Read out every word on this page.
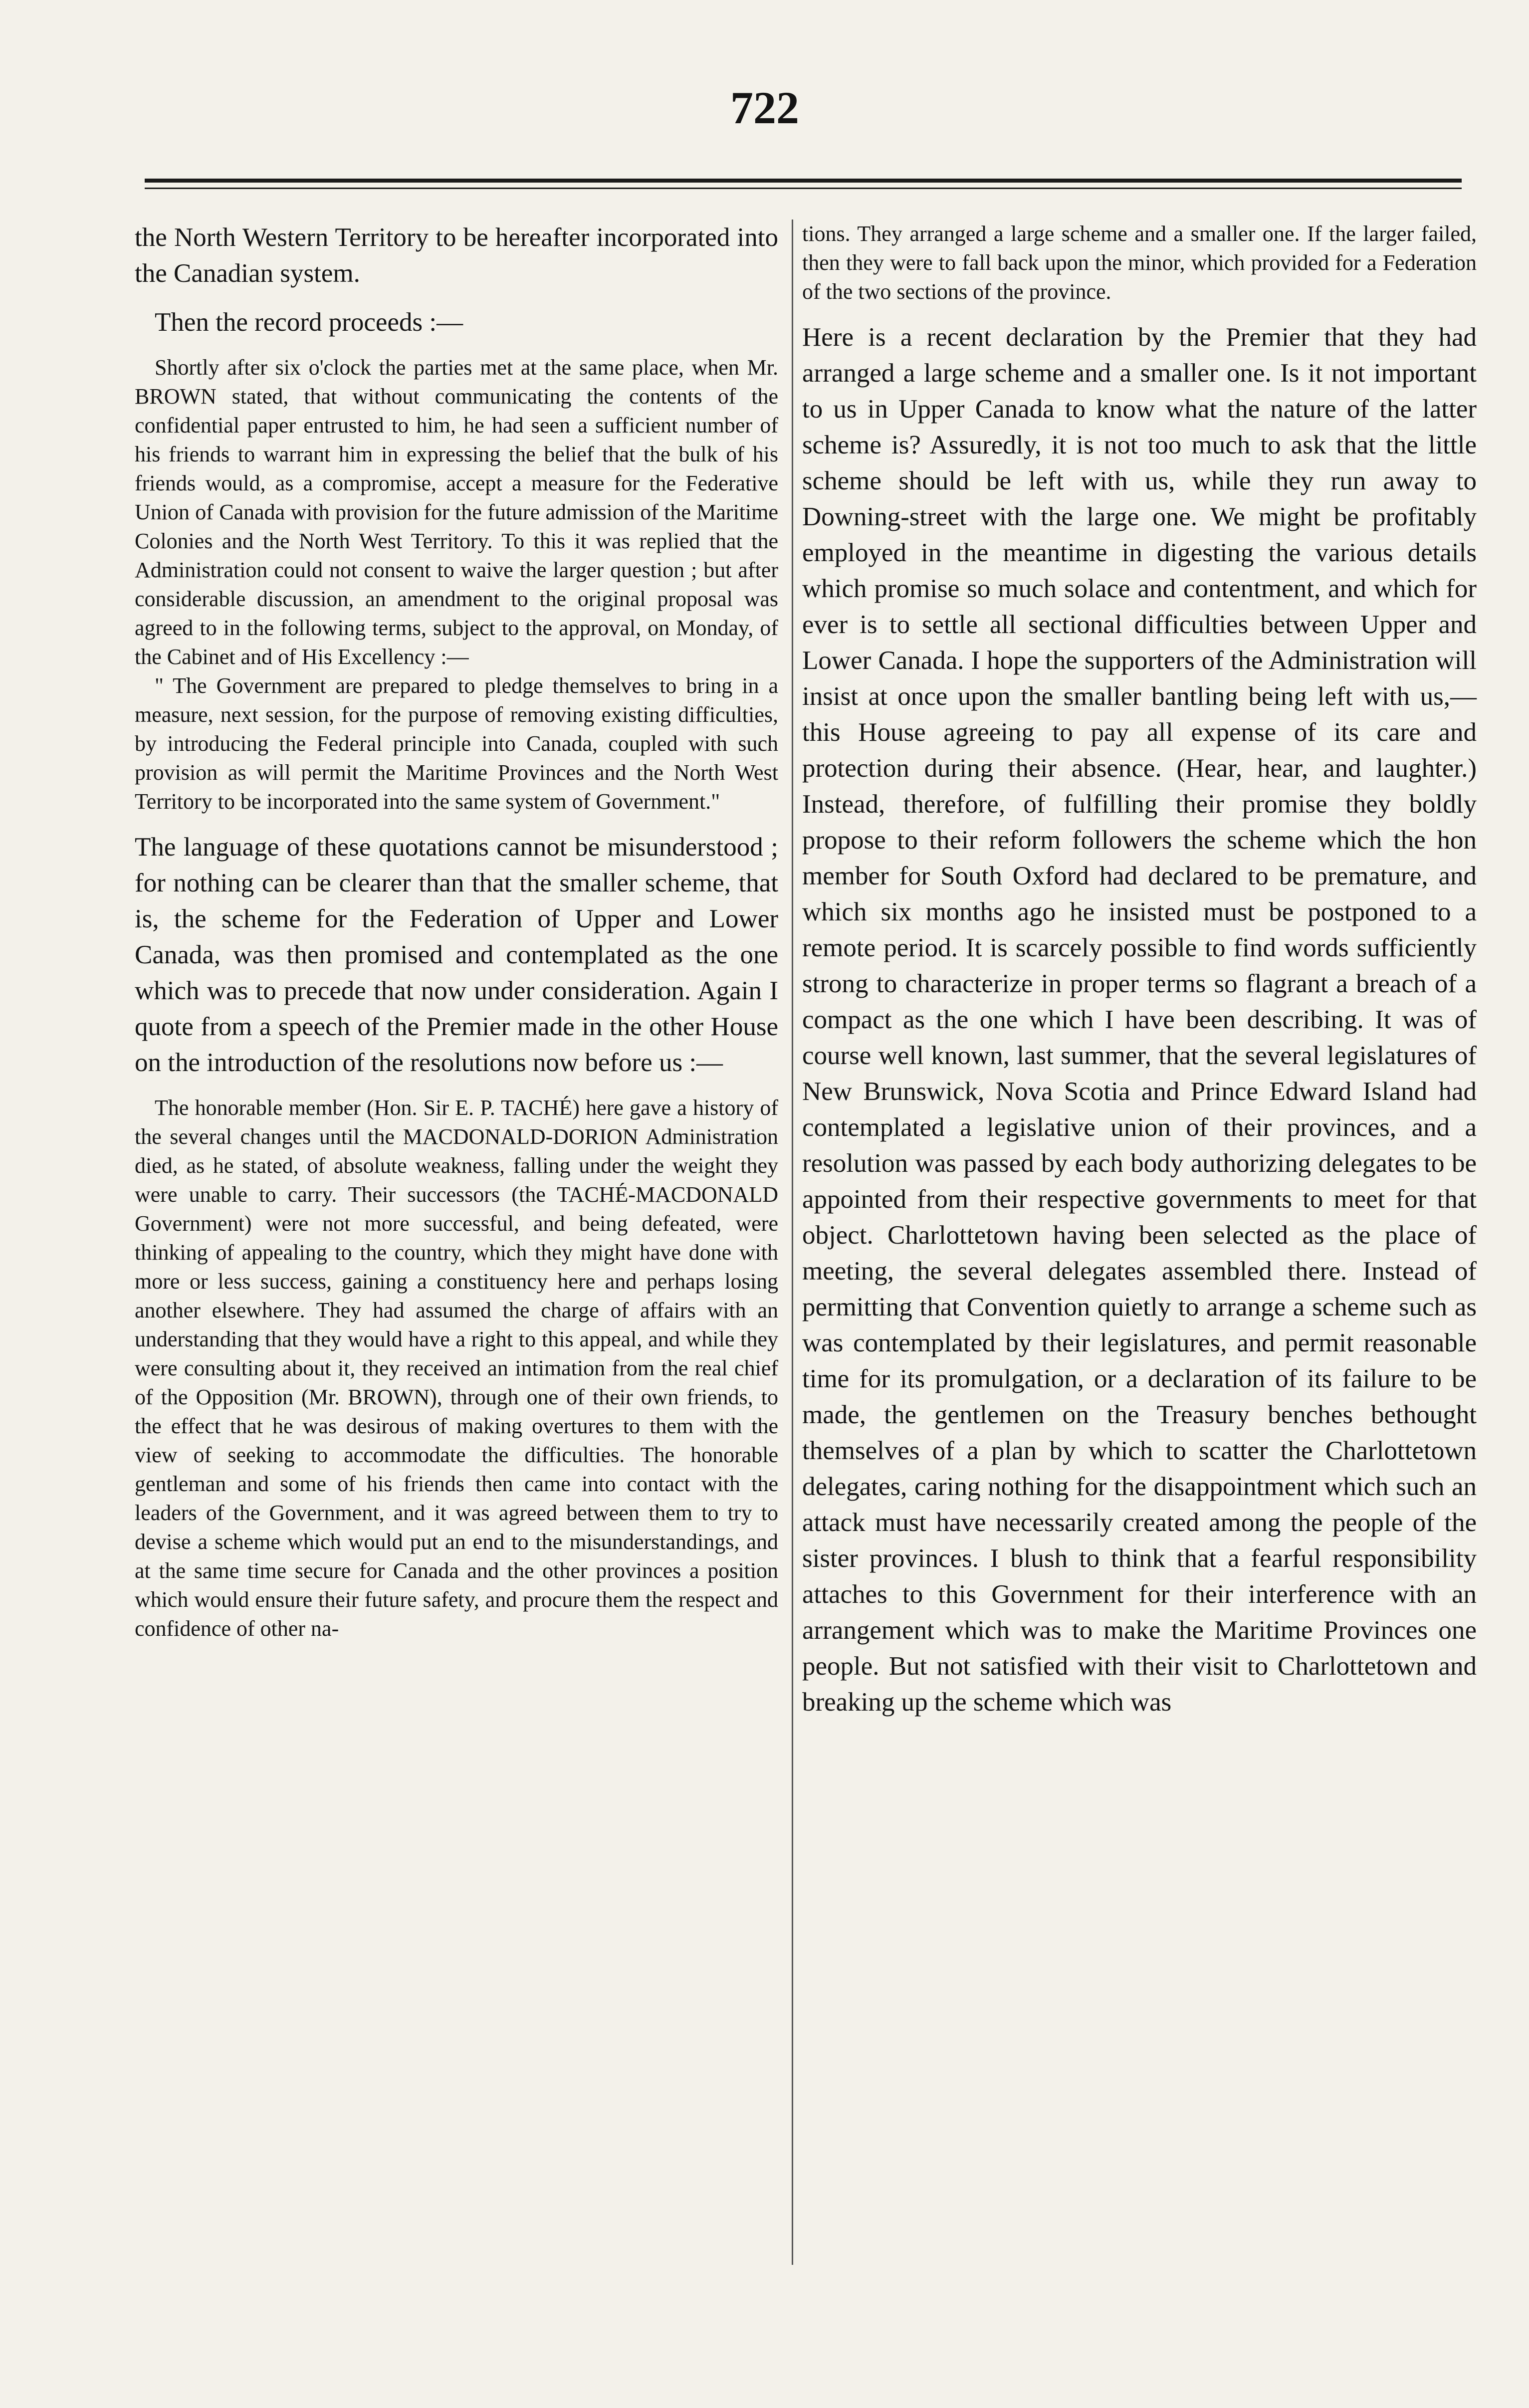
722

the North Western Territory to be hereafter incorporated into the Canadian system.

Then the record proceeds :—

Shortly after six o'clock the parties met at the same place, when Mr. BROWN stated, that without communicating the contents of the confidential paper entrusted to him, he had seen a sufficient number of his friends to warrant him in expressing the belief that the bulk of his friends would, as a compromise, accept a measure for the Federative Union of Canada with provision for the future admission of the Maritime Colonies and the North West Territory. To this it was replied that the Administration could not consent to waive the larger question ; but after considerable discussion, an amendment to the original proposal was agreed to in the following terms, subject to the approval, on Monday, of the Cabinet and of His Excellency :—

" The Government are prepared to pledge themselves to bring in a measure, next session, for the purpose of removing existing difficulties, by introducing the Federal principle into Canada, coupled with such provision as will permit the Maritime Provinces and the North West Territory to be incorporated into the same system of Government."

The language of these quotations cannot be misunderstood ; for nothing can be clearer than that the smaller scheme, that is, the scheme for the Federation of Upper and Lower Canada, was then promised and contemplated as the one which was to precede that now under consideration. Again I quote from a speech of the Premier made in the other House on the introduction of the resolutions now before us :—

The honorable member (Hon. Sir E. P. TACHÉ) here gave a history of the several changes until the MACDONALD-DORION Administration died, as he stated, of absolute weakness, falling under the weight they were unable to carry. Their successors (the TACHÉ-MACDONALD Government) were not more successful, and being defeated, were thinking of appealing to the country, which they might have done with more or less success, gaining a constituency here and perhaps losing another elsewhere. They had assumed the charge of affairs with an understanding that they would have a right to this appeal, and while they were consulting about it, they received an intimation from the real chief of the Opposition (Mr. BROWN), through one of their own friends, to the effect that he was desirous of making overtures to them with the view of seeking to accommodate the difficulties. The honorable gentleman and some of his friends then came into contact with the leaders of the Government, and it was agreed between them to try to devise a scheme which would put an end to the misunderstandings, and at the same time secure for Canada and the other provinces a position which would ensure their future safety, and procure them the respect and confidence of other na-

tions. They arranged a large scheme and a smaller one. If the larger failed, then they were to fall back upon the minor, which provided for a Federation of the two sections of the province.

Here is a recent declaration by the Premier that they had arranged a large scheme and a smaller one. Is it not important to us in Upper Canada to know what the nature of the latter scheme is? Assuredly, it is not too much to ask that the little scheme should be left with us, while they run away to Downing-street with the large one. We might be profitably employed in the meantime in digesting the various details which promise so much solace and contentment, and which for ever is to settle all sectional difficulties between Upper and Lower Canada. I hope the supporters of the Administration will insist at once upon the smaller bantling being left with us,—this House agreeing to pay all expense of its care and protection during their absence. (Hear, hear, and laughter.) Instead, therefore, of fulfilling their promise they boldly propose to their reform followers the scheme which the hon member for South Oxford had declared to be premature, and which six months ago he insisted must be postponed to a remote period. It is scarcely possible to find words sufficiently strong to characterize in proper terms so flagrant a breach of a compact as the one which I have been describing. It was of course well known, last summer, that the several legislatures of New Brunswick, Nova Scotia and Prince Edward Island had contemplated a legislative union of their provinces, and a resolution was passed by each body authorizing delegates to be appointed from their respective governments to meet for that object. Charlottetown having been selected as the place of meeting, the several delegates assembled there. Instead of permitting that Convention quietly to arrange a scheme such as was contemplated by their legislatures, and permit reasonable time for its promulgation, or a declaration of its failure to be made, the gentlemen on the Treasury benches bethought themselves of a plan by which to scatter the Charlottetown delegates, caring nothing for the disappointment which such an attack must have necessarily created among the people of the sister provinces. I blush to think that a fearful responsibility attaches to this Government for their interference with an arrangement which was to make the Maritime Provinces one people. But not satisfied with their visit to Charlottetown and breaking up the scheme which was
